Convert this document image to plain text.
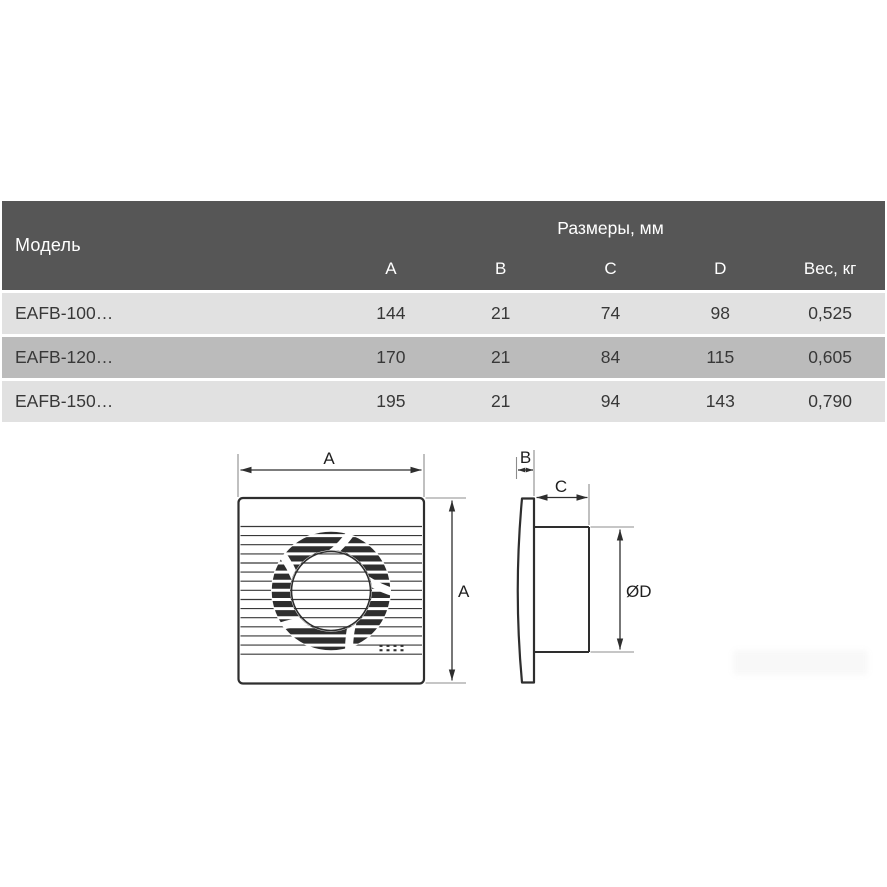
Модель
Размеры, мм
A	B	C	D	Вес, кг
EAFB-100…	144	21	74	98	0,525
EAFB-120…	170	21	84	115	0,605
EAFB-150…	195	21	94	143	0,790
A
A
B
C
ØD
